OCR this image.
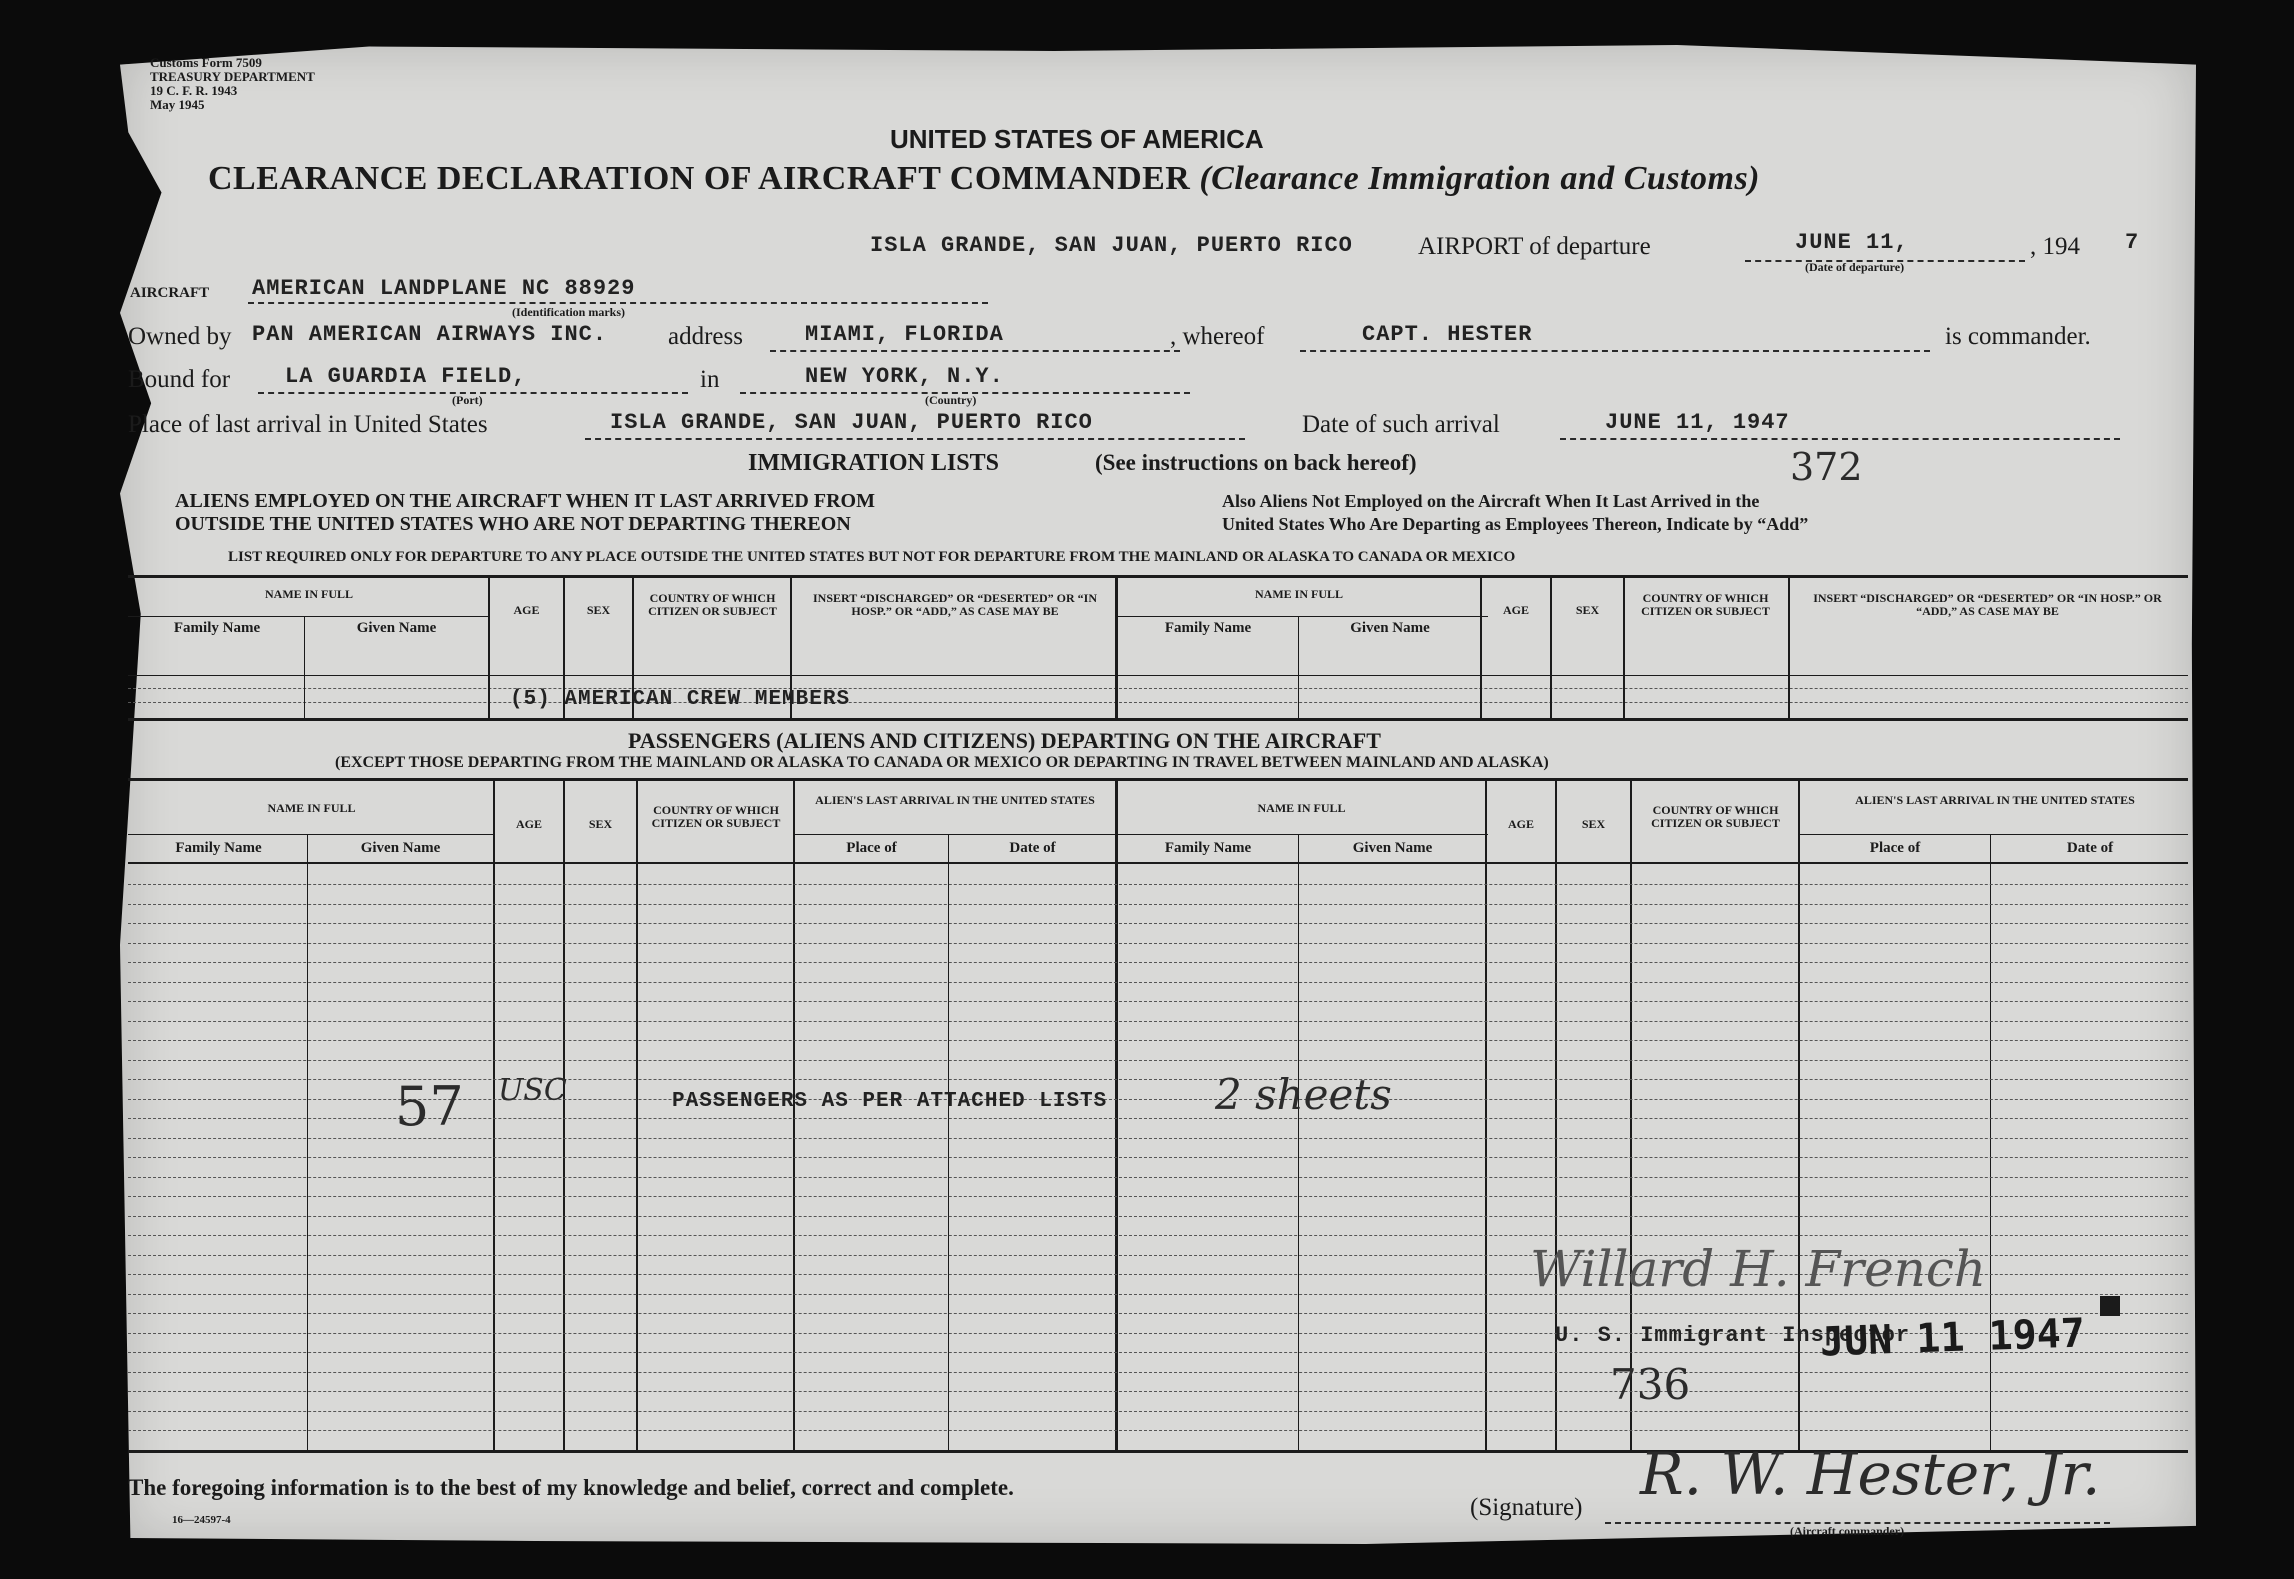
Customs Form 7509
TREASURY DEPARTMENT
19 C. F. R. 1943
May 1945
UNITED STATES OF AMERICA
CLEARANCE DECLARATION OF AIRCRAFT COMMANDER (Clearance Immigration and Customs)
ISLA GRANDE, SAN JUAN, PUERTO RICO	AIRPORT of departure	JUNE 11,
(Date of departure)
, 194 7
AIRCRAFT AMERICAN LANDPLANE NC 88929
(Identification marks)
Owned by PAN AMERICAN AIRWAYS INC. address	MIAMI, FLORIDA	, whereof	CAPT. HESTER	is commander.
Bound for LA GUARDIA FIELD,
(Port)
in	NEW YORK, N.Y.
(Country)
Place of last arrival in United States	ISLA GRANDE, SAN JUAN, PUERTO RICO	Date of such arrival	JUNE 11, 1947
IMMIGRATION LISTS	(See instructions on back hereof)	372
ALIENS EMPLOYED ON THE AIRCRAFT WHEN IT LAST ARRIVED FROM
OUTSIDE THE UNITED STATES WHO ARE NOT DEPARTING THEREON
Also Aliens Not Employed on the Aircraft When It Last Arrived in the
United States Who Are Departing as Employees Thereon, Indicate by “Add”
LIST REQUIRED ONLY FOR DEPARTURE TO ANY PLACE OUTSIDE THE UNITED STATES BUT NOT FOR DEPARTURE FROM THE MAINLAND OR ALASKA TO CANADA OR MEXICO
NAME IN FULL
Family Name	Given Name
AGE	SEX
COUNTRY OF WHICH CITIZEN OR SUBJECT
INSERT “DISCHARGED” OR “DESERTED” OR “IN HOSP.” OR “ADD,” AS CASE MAY BE
NAME IN FULL
Family Name	Given Name
AGE	SEX
COUNTRY OF WHICH CITIZEN OR SUBJECT
INSERT “DISCHARGED” OR “DESERTED” OR “IN HOSP.” OR “ADD,” AS CASE MAY BE
(5) AMERICAN CREW MEMBERS
PASSENGERS (ALIENS AND CITIZENS) DEPARTING ON THE AIRCRAFT
(EXCEPT THOSE DEPARTING FROM THE MAINLAND OR ALASKA TO CANADA OR MEXICO OR DEPARTING IN TRAVEL BETWEEN MAINLAND AND ALASKA)
NAME IN FULL
Family Name	Given Name
AGE	SEX
COUNTRY OF WHICH CITIZEN OR SUBJECT
ALIEN'S LAST ARRIVAL IN THE UNITED STATES
Place of	Date of
NAME IN FULL
Family Name	Given Name
AGE	SEX
COUNTRY OF WHICH CITIZEN OR SUBJECT
ALIEN'S LAST ARRIVAL IN THE UNITED STATES
Place of	Date of
57 USC	PASSENGERS AS PER ATTACHED LISTS	2 sheets
Willard H. French
U. S. Immigrant Inspector
JUN 11 1947
736
The foregoing information is to the best of my knowledge and belief, correct and complete.
16—24597-4	(Signature) R. W. Hester, Jr.
(Aircraft commander)
